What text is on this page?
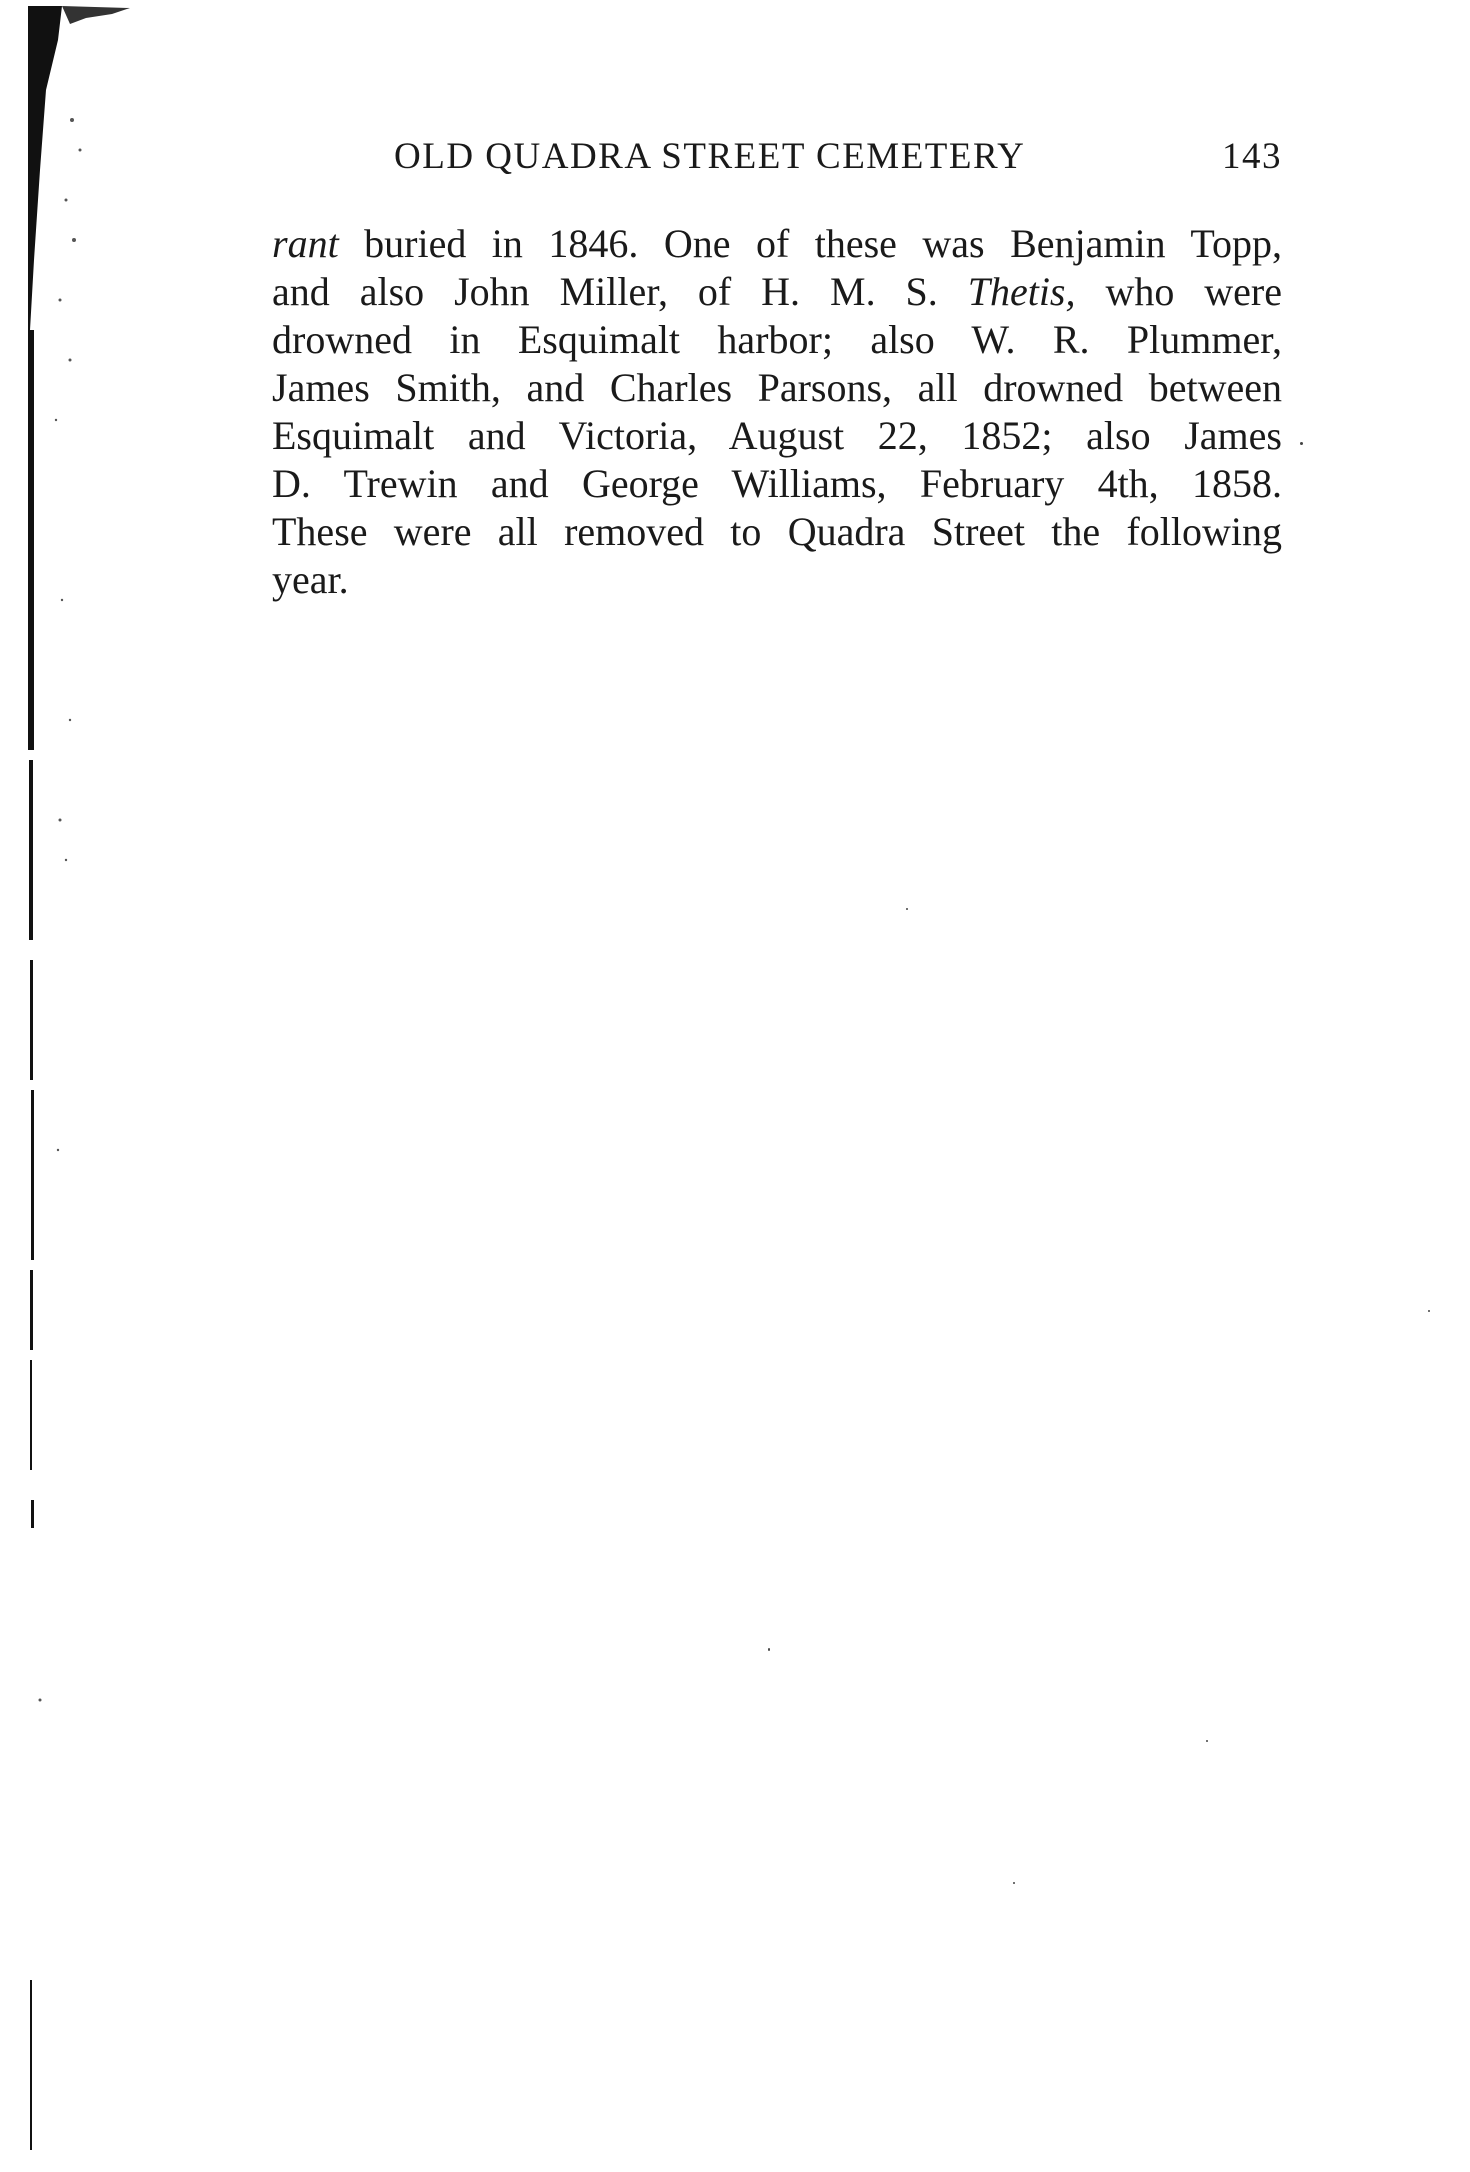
OLD QUADRA STREET CEMETERY	143
rant buried in 1846. One of these was Benjamin Topp,
and also John Miller, of H. M. S. Thetis, who were
drowned in Esquimalt harbor; also W. R. Plummer,
James Smith, and Charles Parsons, all drowned between
Esquimalt and Victoria, August 22, 1852; also James
D. Trewin and George Williams, February 4th, 1858.
These were all removed to Quadra Street the following
year.
